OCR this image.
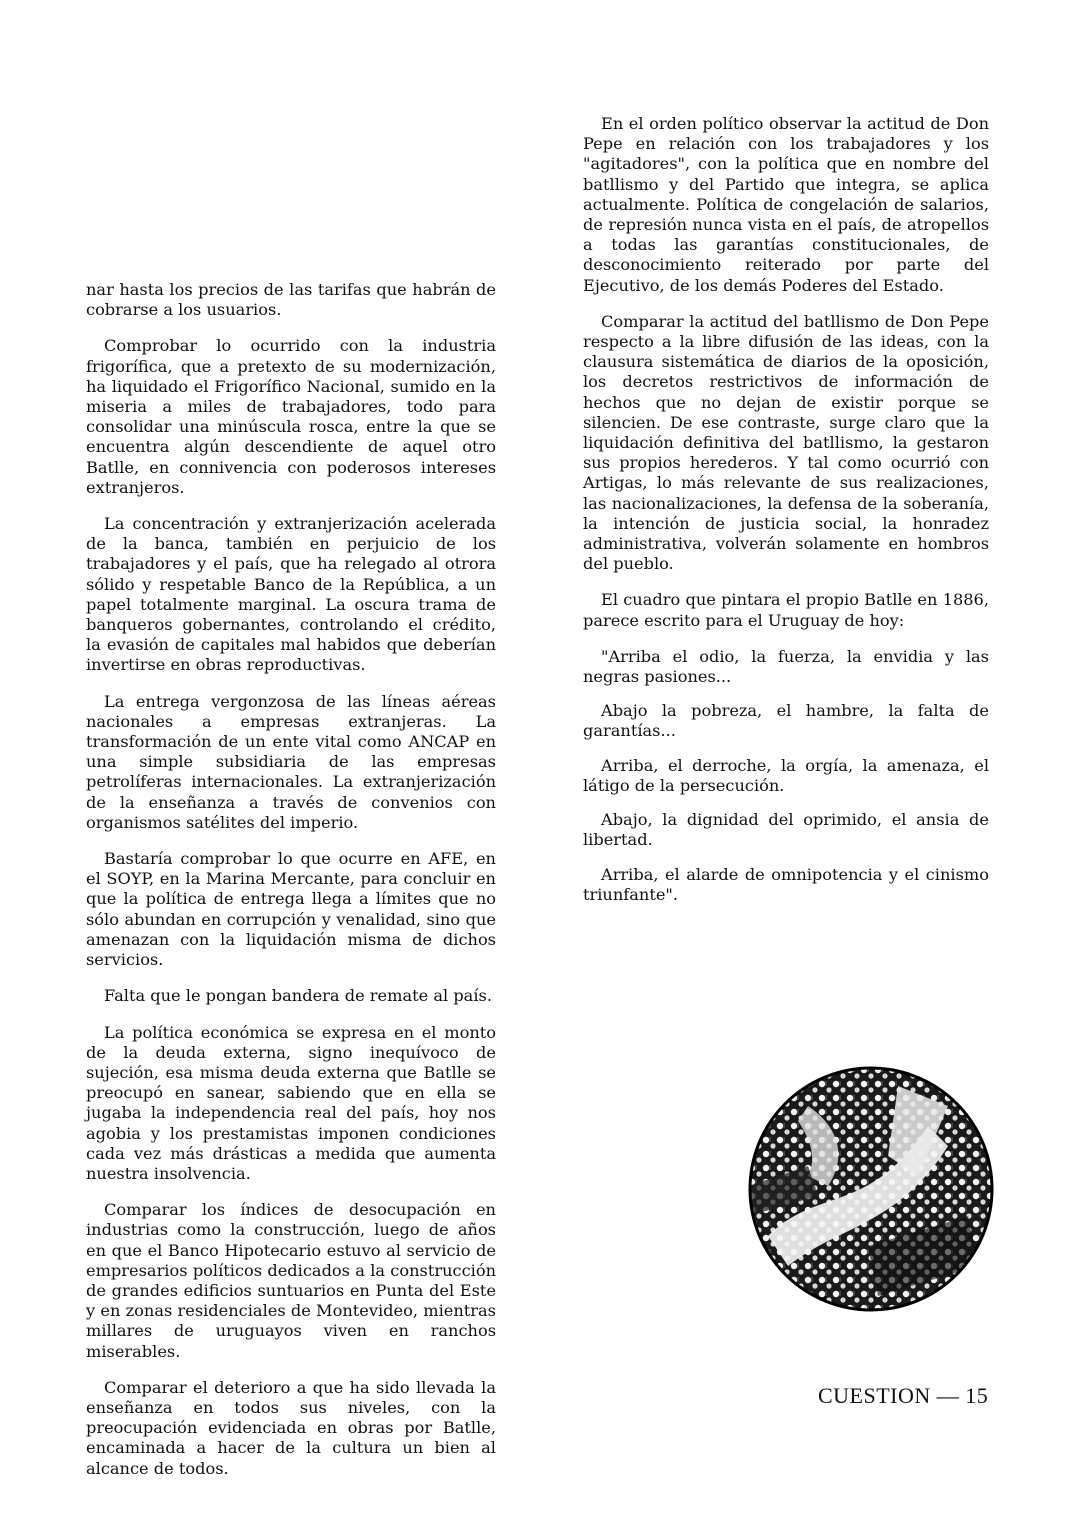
nar hasta los precios de las tarifas que habrán de cobrarse a los usuarios.

Comprobar lo ocurrido con la industria frigorífica, que a pretexto de su modernización, ha liquidado el Frigorífico Nacional, sumido en la miseria a miles de trabajadores, todo para consolidar una minúscula rosca, entre la que se encuentra algún descendiente de aquel otro Batlle, en connivencia con poderosos intereses extranjeros.

La concentración y extranjerización acelerada de la banca, también en perjuicio de los trabajadores y el país, que ha relegado al otrora sólido y respetable Banco de la República, a un papel totalmente marginal. La oscura trama de banqueros gobernantes, controlando el crédito, la evasión de capitales mal habidos que deberían invertirse en obras reproductivas.

La entrega vergonzosa de las líneas aéreas nacionales a empresas extranjeras. La transformación de un ente vital como ANCAP en una simple subsidiaria de las empresas petrolíferas internacionales. La extranjerización de la enseñanza a través de convenios con organismos satélites del imperio.

Bastaría comprobar lo que ocurre en AFE, en el SOYP, en la Marina Mercante, para concluir en que la política de entrega llega a límites que no sólo abundan en corrupción y venalidad, sino que amenazan con la liquidación misma de dichos servicios.

Falta que le pongan bandera de remate al país.

La política económica se expresa en el monto de la deuda externa, signo inequívoco de sujeción, esa misma deuda externa que Batlle se preocupó en sanear, sabiendo que en ella se jugaba la independencia real del país, hoy nos agobia y los prestamistas imponen condiciones cada vez más drásticas a medida que aumenta nuestra insolvencia.

Comparar los índices de desocupación en industrias como la construcción, luego de años en que el Banco Hipotecario estuvo al servicio de empresarios políticos dedicados a la construcción de grandes edificios suntuarios en Punta del Este y en zonas residenciales de Montevideo, mientras millares de uruguayos viven en ranchos miserables.

Comparar el deterioro a que ha sido llevada la enseñanza en todos sus niveles, con la preocupación evidenciada en obras por Batlle, encaminada a hacer de la cultura un bien al alcance de todos.

En el orden político observar la actitud de Don Pepe en relación con los trabajadores y los "agitadores", con la política que en nombre del batllismo y del Partido que integra, se aplica actualmente. Política de congelación de salarios, de represión nunca vista en el país, de atropellos a todas las garantías constitucionales, de desconocimiento reiterado por parte del Ejecutivo, de los demás Poderes del Estado.

Comparar la actitud del batllismo de Don Pepe respecto a la libre difusión de las ideas, con la clausura sistemática de diarios de la oposición, los decretos restrictivos de información de hechos que no dejan de existir porque se silencien. De ese contraste, surge claro que la liquidación definitiva del batllismo, la gestaron sus propios herederos. Y tal como ocurrió con Artigas, lo más relevante de sus realizaciones, las nacionalizaciones, la defensa de la soberanía, la intención de justicia social, la honradez administrativa, volverán solamente en hombros del pueblo.

El cuadro que pintara el propio Batlle en 1886, parece escrito para el Uruguay de hoy:

"Arriba el odio, la fuerza, la envidia y las negras pasiones...

Abajo la pobreza, el hambre, la falta de garantías...

Arriba, el derroche, la orgía, la amenaza, el látigo de la persecución.

Abajo, la dignidad del oprimido, el ansia de libertad.

Arriba, el alarde de omnipotencia y el cinismo triunfante".

CUESTION — 15
